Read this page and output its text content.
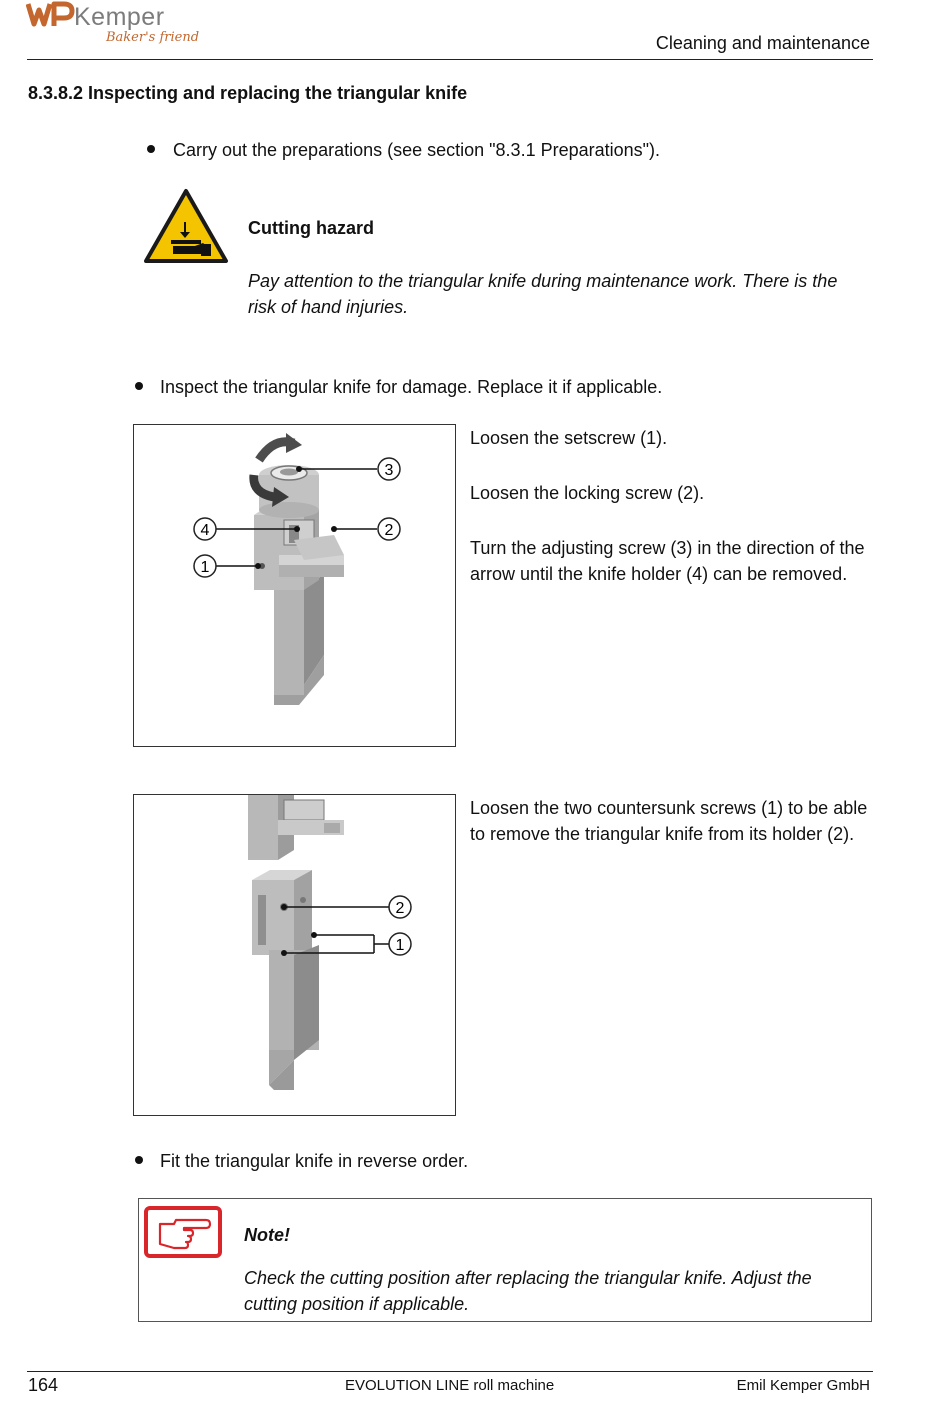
Kemper
Baker's friend	Cleaning and maintenance
8.3.8.2 Inspecting and replacing the triangular knife
Carry out the preparations (see section "8.3.1 Preparations").
Cutting hazard
Pay attention to the triangular knife during maintenance work. There is the risk of hand injuries.
Inspect the triangular knife for damage. Replace it if applicable.
3
4	2
1

Loosen the setscrew (1).

Loosen the locking screw (2).

Turn the adjusting screw (3) in the direction of the arrow until the knife holder (4) can be removed.

2
1

Loosen the two countersunk screws (1) to be able to remove the triangular knife from its holder (2).

Fit the triangular knife in reverse order.
Note!
Check the cutting position after replacing the triangular knife. Adjust the cutting position if applicable.
164	EVOLUTION LINE roll machine	Emil Kemper GmbH
